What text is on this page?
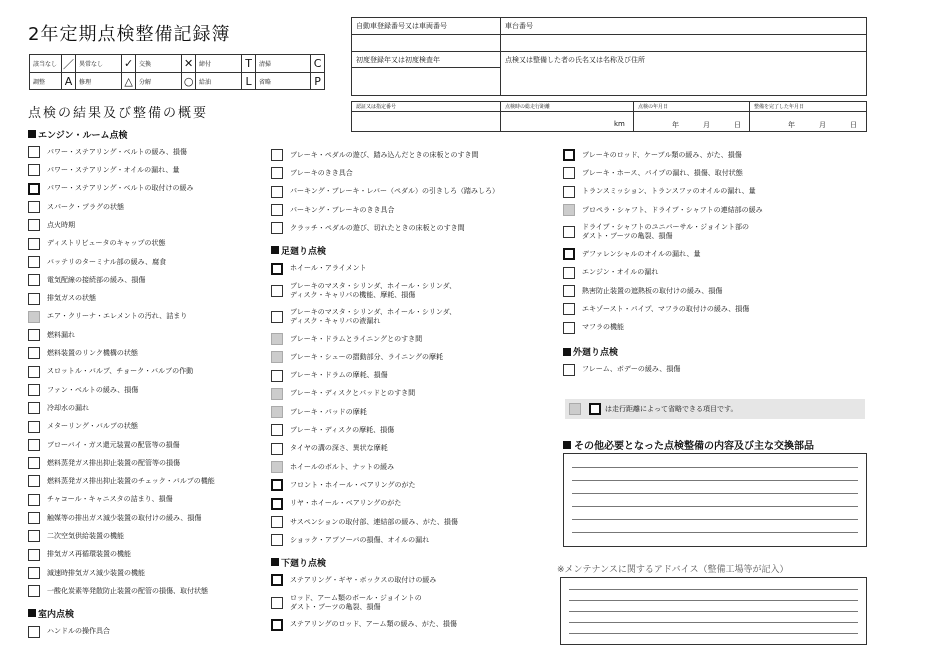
2年定期点検整備記録簿
該当なし ／ 異常なし	✓ 交換	✕ 締付	T	清掃	C
調整	A	修理	△	分解	○ 給油	L	省略	P
自動車登録番号又は車両番号	車台番号
初度登録年又は初度検査年	点検又は整備した者の氏名又は名称及び住所
認証又は指定番号	点検時の総走行距離	点検の年月日	整備を完了した年月日
km	年	月	日	年	月	日
点検の結果及び整備の概要
エンジン・ルーム点検
パワー・ステアリング・ベルトの緩み、損傷
パワー・ステアリング・オイルの漏れ、量
パワー・ステアリング・ベルトの取付けの緩み
スパーク・プラグの状態
点火時期
ディストリビュータのキャップの状態
バッテリのターミナル部の緩み、腐食
電気配線の接続部の緩み、損傷
排気ガスの状態
エア・クリーナ・エレメントの汚れ、詰まり
燃料漏れ
燃料装置のリンク機構の状態
スロットル・バルブ、チョーク・バルブの作動
ファン・ベルトの緩み、損傷
冷却水の漏れ
メターリング・バルブの状態
ブローバイ・ガス還元装置の配管等の損傷
燃料蒸発ガス排出抑止装置の配管等の損傷
燃料蒸発ガス排出抑止装置のチェック・バルブの機能
チャコール・キャニスタの詰まり、損傷
触媒等の排出ガス減少装置の取付けの緩み、損傷
二次空気供給装置の機能
排気ガス再循環装置の機能
減速時排気ガス減少装置の機能
一酸化炭素等発散防止装置の配管の損傷、取付状態
室内点検
ハンドルの操作具合
ブレーキ・ペダルの遊び、踏み込んだときの床板とのすき間
ブレーキのきき具合
パーキング・ブレーキ・レバー（ペダル）の引きしろ（踏みしろ）
パーキング・ブレーキのきき具合
クラッチ・ペダルの遊び、切れたときの床板とのすき間
足廻り点検
ホイール・アライメント
ブレーキのマスタ・シリンダ、ホイール・シリンダ、
ディスク・キャリパの機能、摩耗、損傷
ブレーキのマスタ・シリンダ、ホイール・シリンダ、
ディスク・キャリパの液漏れ
ブレーキ・ドラムとライニングとのすき間
ブレーキ・シューの摺動部分、ライニングの摩耗
ブレーキ・ドラムの摩耗、損傷
ブレーキ・ディスクとパッドとのすき間
ブレーキ・パッドの摩耗
ブレーキ・ディスクの摩耗、損傷
タイヤの溝の深さ、異状な摩耗
ホイールのボルト、ナットの緩み
フロント・ホイール・ベアリングのがた
リヤ・ホイール・ベアリングのがた
サスペンションの取付部、連結部の緩み、がた、損傷
ショック・アブソーバの損傷、オイルの漏れ
下廻り点検
ステアリング・ギヤ・ボックスの取付けの緩み
ロッド、アーム類のボール・ジョイントの
ダスト・ブーツの亀裂、損傷
ステアリングのロッド、アーム類の緩み、がた、損傷
ブレーキのロッド、ケーブル類の緩み、がた、損傷
ブレーキ・ホース、パイプの漏れ、損傷、取付状態
トランスミッション、トランスファのオイルの漏れ、量
プロペラ・シャフト、ドライブ・シャフトの連結部の緩み
ドライブ・シャフトのユニバーサル・ジョイント部の
ダスト・ブーツの亀裂、損傷
デファレンシャルのオイルの漏れ、量
エンジン・オイルの漏れ
熱害防止装置の遮熱板の取付けの緩み、損傷
エキゾースト・パイプ、マフラの取付けの緩み、損傷
マフラの機能
外廻り点検
フレーム、ボデーの緩み、損傷
は走行距離によって省略できる項目です。
その他必要となった点検整備の内容及び主な交換部品
※メンテナンスに関するアドバイス（整備工場等が記入）
